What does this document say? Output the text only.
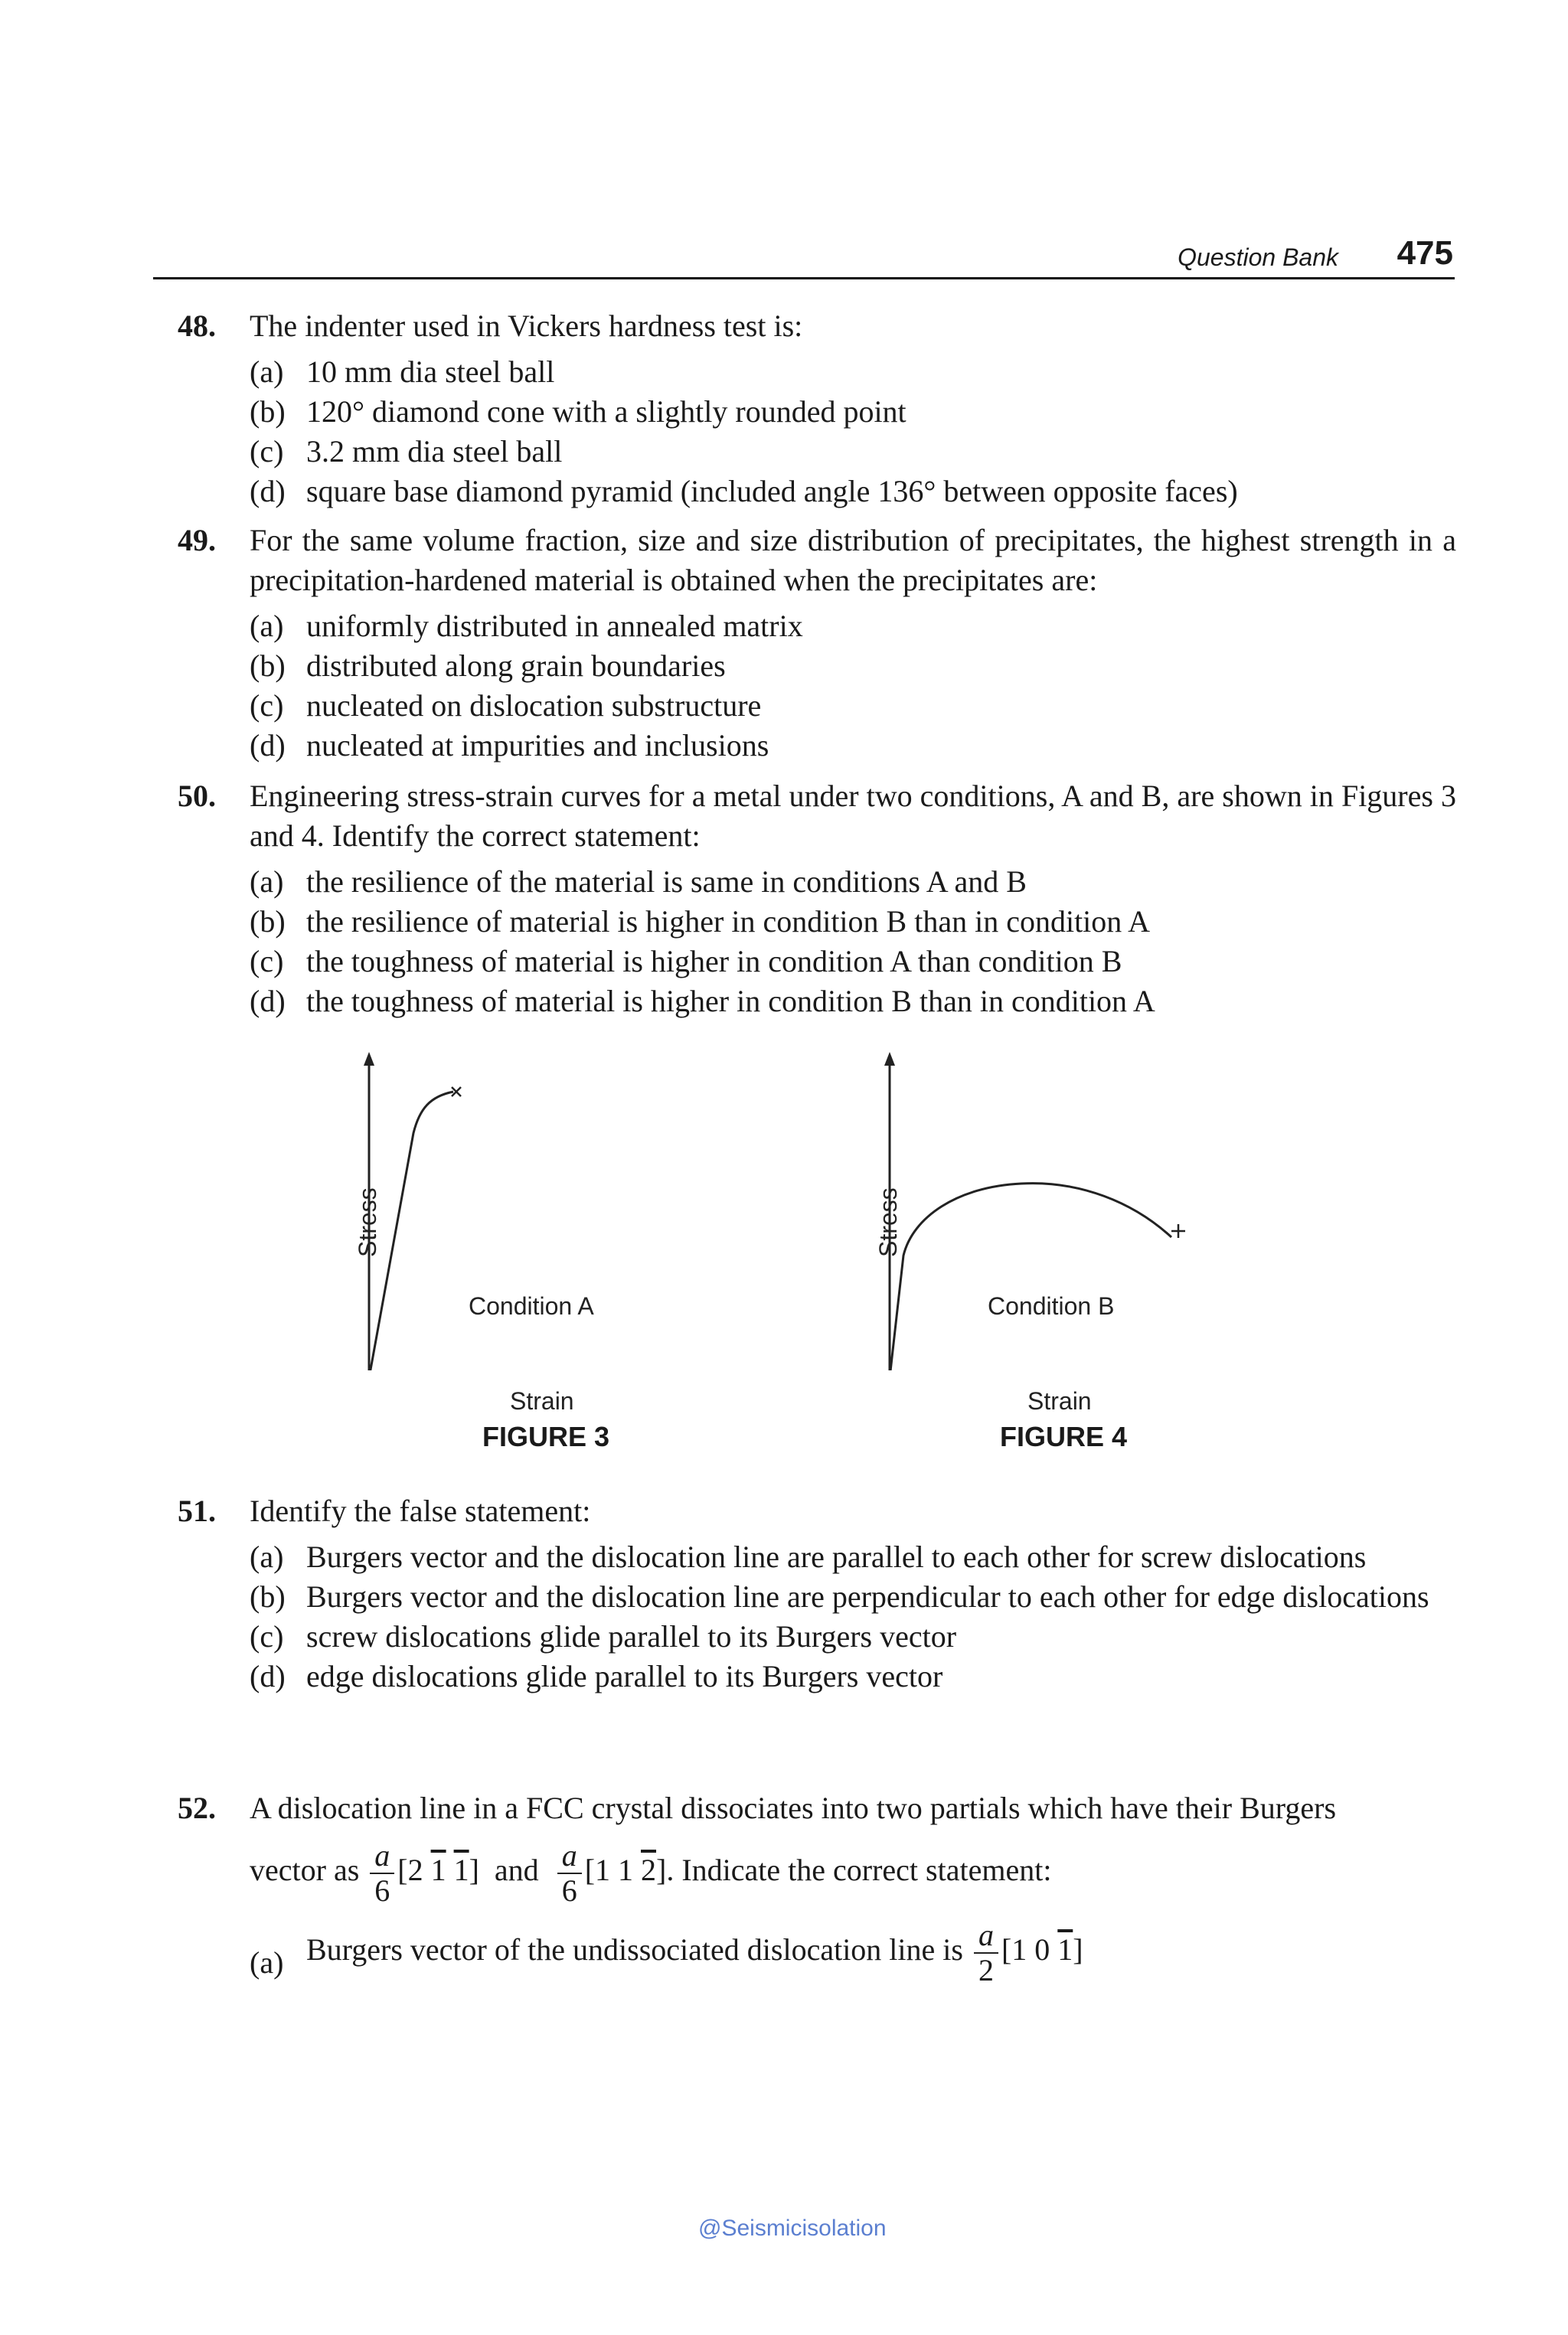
Question Bank 475
48. The indenter used in Vickers hardness test is:
(a) 10 mm dia steel ball
(b) 120° diamond cone with a slightly rounded point
(c) 3.2 mm dia steel ball
(d) square base diamond pyramid (included angle 136° between opposite faces)
49. For the same volume fraction, size and size distribution of precipitates, the highest strength in a precipitation-hardened material is obtained when the precipitates are:
(a) uniformly distributed in annealed matrix
(b) distributed along grain boundaries
(c) nucleated on dislocation substructure
(d) nucleated at impurities and inclusions
50. Engineering stress-strain curves for a metal under two conditions, A and B, are shown in Figures 3 and 4. Identify the correct statement:
(a) the resilience of the material is same in conditions A and B
(b) the resilience of material is higher in condition B than in condition A
(c) the toughness of material is higher in condition A than condition B
(d) the toughness of material is higher in condition B than in condition A
Stress
Condition A
Strain
FIGURE 3
Stress
Condition B
Strain
FIGURE 4
51. Identify the false statement:
(a) Burgers vector and the dislocation line are parallel to each other for screw dislocations
(b) Burgers vector and the dislocation line are perpendicular to each other for edge dislocations
(c) screw dislocations glide parallel to its Burgers vector
(d) edge dislocations glide parallel to its Burgers vector
52. A dislocation line in a FCC crystal dissociates into two partials which have their Burgers
vector as $\frac{a}{6} [2$ 1 1] and $\frac{a}{6} [1$ 1 2]. Indicate the correct statement:
(a) Burgers vector of the undissociated dislocation line is $\frac{a}{2} [1$ 0 1]
@Seismicisolation
